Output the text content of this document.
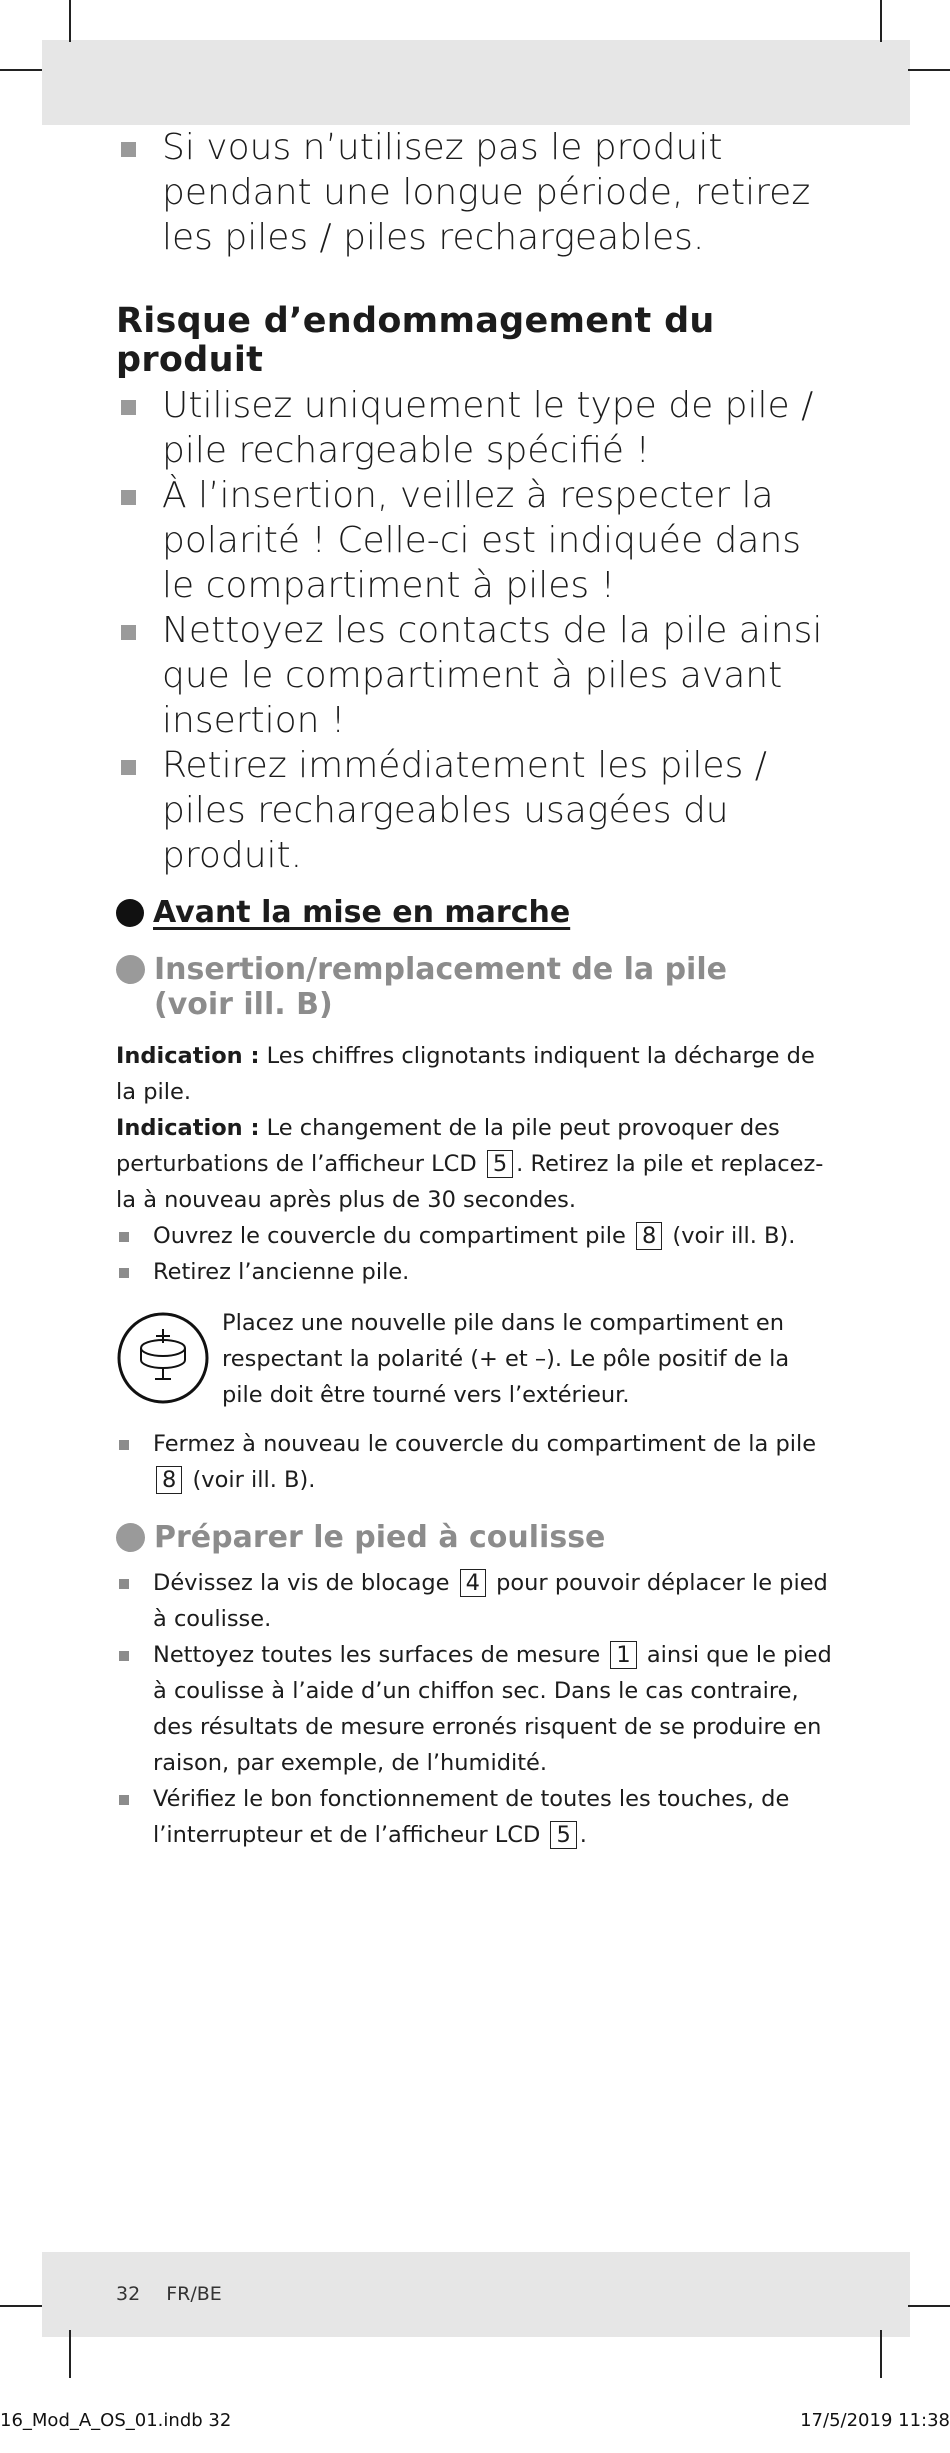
Si vous n’utilisez pas le produit pendant une longue période, retirez les piles / piles rechargeables.
Risque d’endommagement du produit
Utilisez uniquement le type de pile / pile rechargeable spécifié !
À l’insertion, veillez à respecter la polarité ! Celle-ci est indiquée dans le compartiment à piles !
Nettoyez les contacts de la pile ainsi que le compartiment à piles avant insertion !
Retirez immédiatement les piles / piles rechargeables usagées du produit.
Avant la mise en marche
Insertion/remplacement de la pile
(voir ill. B)

Indication : Les chiffres clignotants indiquent la décharge de la pile.

Indication : Le changement de la pile peut provoquer des perturbations de l’afficheur LCD 5 . Retirez la pile et replacez-la à nouveau après plus de 30 secondes.

Ouvrez le couvercle du compartiment pile 8 (voir ill. B).
Retirez l’ancienne pile.
Placez une nouvelle pile dans le compartiment en respectant la polarité (+ et –). Le pôle positif de la pile doit être tourné vers l’extérieur.
Fermez à nouveau le couvercle du compartiment de la pile 8 (voir ill. B).
Préparer le pied à coulisse
Dévissez la vis de blocage 4 pour pouvoir déplacer le pied à coulisse.
Nettoyez toutes les surfaces de mesure 1 ainsi que le pied à coulisse à l’aide d’un chiffon sec. Dans le cas contraire, des résultats de mesure erronés risquent de se produire en raison, par exemple, de l’humidité.
Vérifiez le bon fonctionnement de toutes les touches, de l’interrupteur et de l’afficheur LCD 5 .
32 FR/BE
16_Mod_A_OS_01.indb 32	17/5/2019 11:38
